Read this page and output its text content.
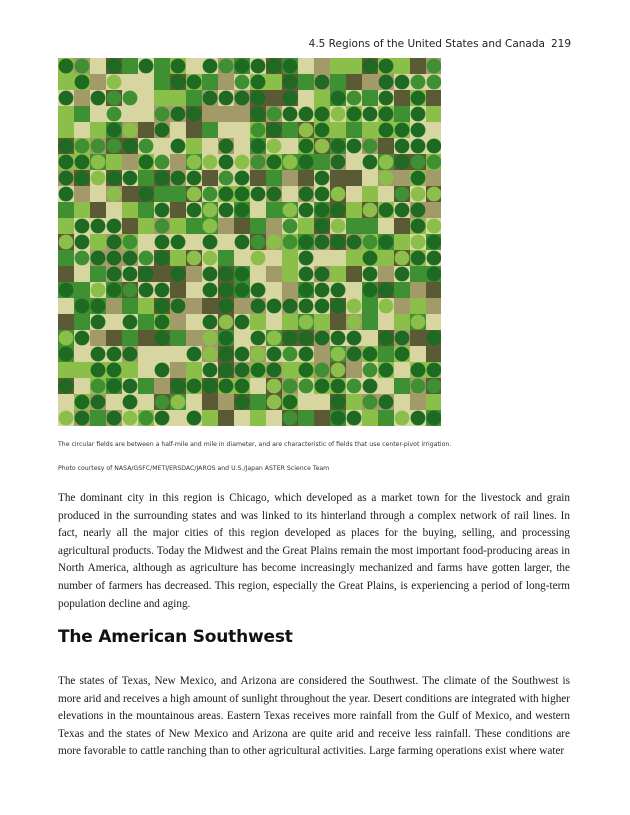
4.5 Regions of the United States and Canada 219
The circular fields are between a half-mile and mile in diameter, and are characteristic of fields that use center-pivot irrigation.
Photo courtesy of NASA/GSFC/METI/ERSDAC/JAROS and U.S./Japan ASTER Science Team

The dominant city in this region is Chicago, which developed as a market town for the livestock and grain produced in the surrounding states and was linked to its hinterland through a complex network of rail lines. In fact, nearly all the major cities of this region developed as places for the buying, selling, and processing agricultural products. Today the Midwest and the Great Plains remain the most important food-producing areas in North America, although as agriculture has become increasingly mechanized and farms have gotten larger, the number of farmers has decreased. This region, especially the Great Plains, is experiencing a period of long-term population decline and aging.

The American Southwest

The states of Texas, New Mexico, and Arizona are considered the Southwest. The climate of the Southwest is more arid and receives a high amount of sunlight throughout the year. Desert conditions are integrated with higher elevations in the mountainous areas. Eastern Texas receives more rainfall from the Gulf of Mexico, and western Texas and the states of New Mexico and Arizona are quite arid and receive less rainfall. These conditions are more favorable to cattle ranching than to other agricultural activities. Large farming operations exist where water
